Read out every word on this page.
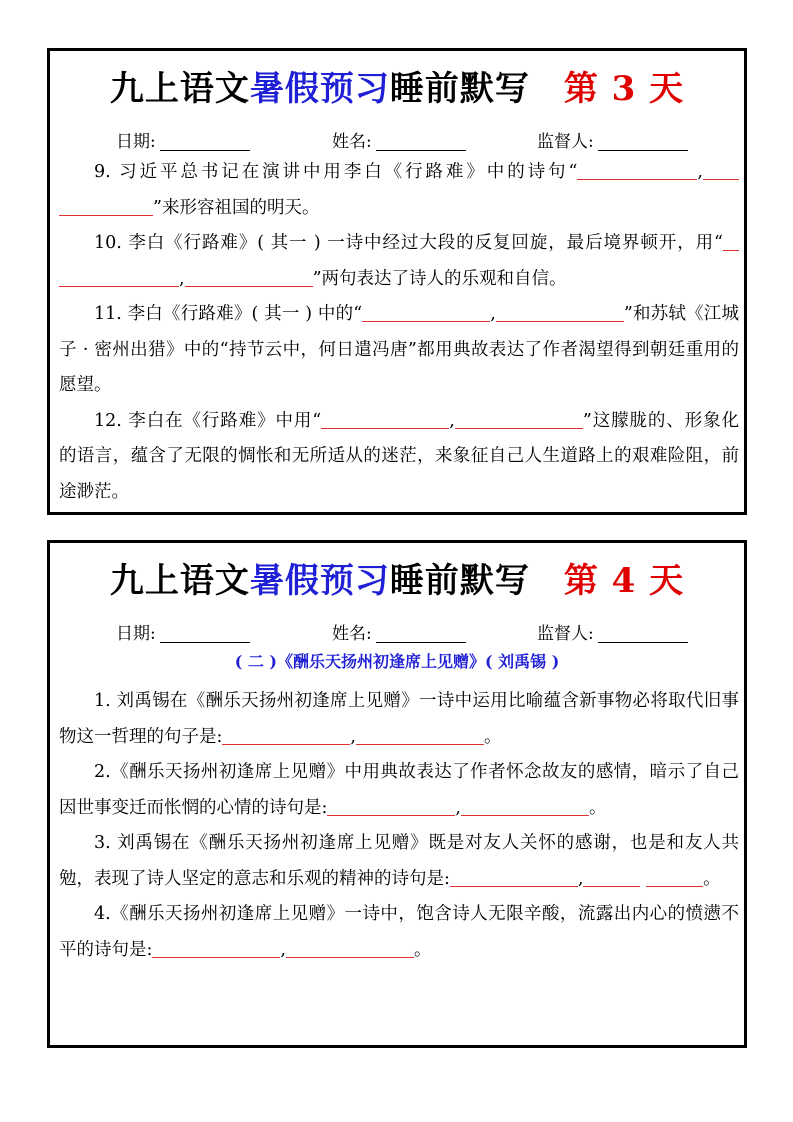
九上语文暑假预习睡前默写 第 3 天
日期:	姓名:	监督人:

9. 习近平总书记在演讲中用李白《行路难》中的诗句“	, ”来形容祖国的明天。

10. 李白《行路难》( 其一 ) 一诗中经过大段的反复回旋，最后境界顿开，用“ ,	”两句表达了诗人的乐观和自信。

11. 李白《行路难》( 其一 ) 中的“	,	”和苏轼《江城子 · 密州出猎》中的“持节云中，何日遣冯唐”都用典故表达了作者渴望得到朝廷重用的愿望。

12. 李白在《行路难》中用“	,	”这朦胧的、形象化的语言，蕴含了无限的惆怅和无所适从的迷茫，来象征自己人生道路上的艰难险阻，前途渺茫。

九上语文暑假预习睡前默写 第 4 天
日期:	姓名:	监督人:
( 二 )《酬乐天扬州初逢席上见赠》( 刘禹锡 )

1. 刘禹锡在《酬乐天扬州初逢席上见赠》一诗中运用比喻蕴含新事物必将取代旧事物这一哲理的句子是:	,	。

2.《酬乐天扬州初逢席上见赠》中用典故表达了作者怀念故友的感情，暗示了自己因世事变迁而怅惘的心情的诗句是:	,	。

3. 刘禹锡在《酬乐天扬州初逢席上见赠》既是对友人关怀的感谢，也是和友人共勉，表现了诗人坚定的意志和乐观的精神的诗句是:	,	。

4.《酬乐天扬州初逢席上见赠》一诗中，饱含诗人无限辛酸，流露出内心的愤懑不平的诗句是:	,	。
